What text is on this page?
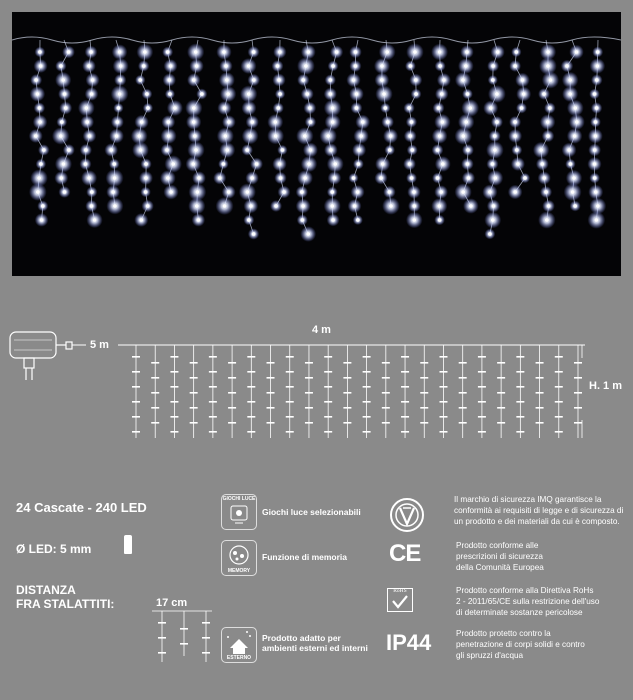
5 m
4 m
H. 1 m
24 Cascate - 240 LED
Ø LED: 5 mm
DISTANZA
FRA STALATTITI:	17 cm
GIOCHI LUCE
Giochi luce selezionabili
MEMORY
Funzione di memoria
ESTERNO
Prodotto adatto per
ambienti esterni ed interni
Il marchio di sicurezza IMQ garantisce la
conformità ai requisiti di legge e di sicurezza di
un prodotto e dei materiali da cui è composto.
CE	Prodotto conforme alle
prescrizioni di sicurezza
della Comunità Europea
RoHS	Prodotto conforme alla Direttiva RoHs
2 - 2011/65/CE sulla restrizione dell'uso
di determinate sostanze pericolose
IP44	Prodotto protetto contro la
penetrazione di corpi solidi e contro
gli spruzzi d'acqua
